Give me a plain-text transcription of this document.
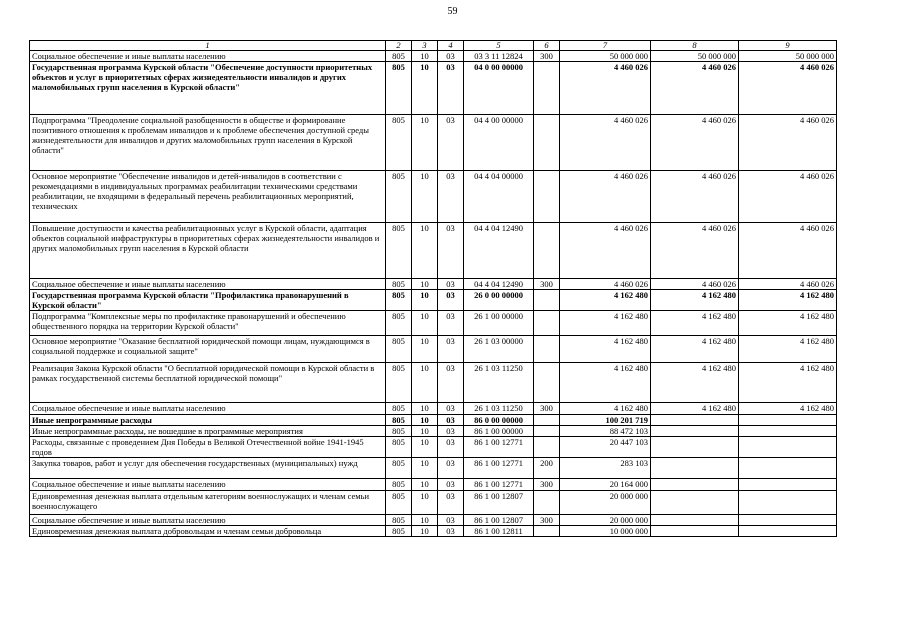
59
1	2	3	4	5	6	7	8	9
Социальное обеспечение и иные выплаты населению	805	10	03	03 3 11 12824	300	50 000 000	50 000 000	50 000 000
Государственная программа Курской области "Обеспечение доступности приоритетных объектов и услуг в приоритетных сферах жизнедеятельности инвалидов и других маломобильных групп населения в Курской области"	805	10	03	04 0 00 00000		4 460 026	4 460 026	4 460 026
Подпрограмма "Преодоление социальной разобщенности в обществе и формирование позитивного отношения к проблемам инвалидов и к проблеме обеспечения доступной среды жизнедеятельности для инвалидов и других маломобильных групп населения в Курской области"	805	10	03	04 4 00 00000		4 460 026	4 460 026	4 460 026
Основное мероприятие "Обеспечение инвалидов и детей-инвалидов в соответствии с рекомендациями в индивидуальных программах реабилитации техническими средствами реабилитации, не входящими в федеральный перечень реабилитационных мероприятий, технических	805	10	03	04 4 04 00000		4 460 026	4 460 026	4 460 026
Повышение доступности и качества реабилитационных услуг в Курской области, адаптация объектов социальной инфраструктуры в приоритетных сферах жизнедеятельности инвалидов и других маломобильных групп населения в Курской области	805	10	03	04 4 04 12490		4 460 026	4 460 026	4 460 026
Социальное обеспечение и иные выплаты населению	805	10	03	04 4 04 12490	300	4 460 026	4 460 026	4 460 026
Государственная программа Курской области "Профилактика правонарушений в Курской области"	805	10	03	26 0 00 00000		4 162 480	4 162 480	4 162 480
Подпрограмма "Комплексные меры по профилактике правонарушений и обеспечению общественного порядка на территории Курской области"	805	10	03	26 1 00 00000		4 162 480	4 162 480	4 162 480
Основное мероприятие "Оказание бесплатной юридической помощи лицам, нуждающимся в социальной поддержке и социальной защите"	805	10	03	26 1 03 00000		4 162 480	4 162 480	4 162 480
Реализация Закона Курской области "О бесплатной юридической помощи в Курской области в рамках государственной системы бесплатной юридической помощи"	805	10	03	26 1 03 11250		4 162 480	4 162 480	4 162 480
Социальное обеспечение и иные выплаты населению	805	10	03	26 1 03 11250	300	4 162 480	4 162 480	4 162 480
Иные непрограммные расходы	805	10	03	86 0 00 00000		100 201 719		
Иные непрограммные расходы, не вошедшие в программные мероприятия	805	10	03	86 1 00 00000		88 472 103		
Расходы, связанные с проведением Дня Победы в Великой Отечественной войне 1941-1945 годов	805	10	03	86 1 00 12771		20 447 103		
Закупка товаров, работ и услуг для обеспечения государственных (муниципальных) нужд	805	10	03	86 1 00 12771	200	283 103		
Социальное обеспечение и иные выплаты населению	805	10	03	86 1 00 12771	300	20 164 000		
Единовременная денежная выплата отдельным категориям военнослужащих и членам семьи военнослужащего	805	10	03	86 1 00 12807		20 000 000		
Социальное обеспечение и иные выплаты населению	805	10	03	86 1 00 12807	300	20 000 000		
Единовременная денежная выплата добровольцам и членам семьи добровольца	805	10	03	86 1 00 12811		10 000 000		
